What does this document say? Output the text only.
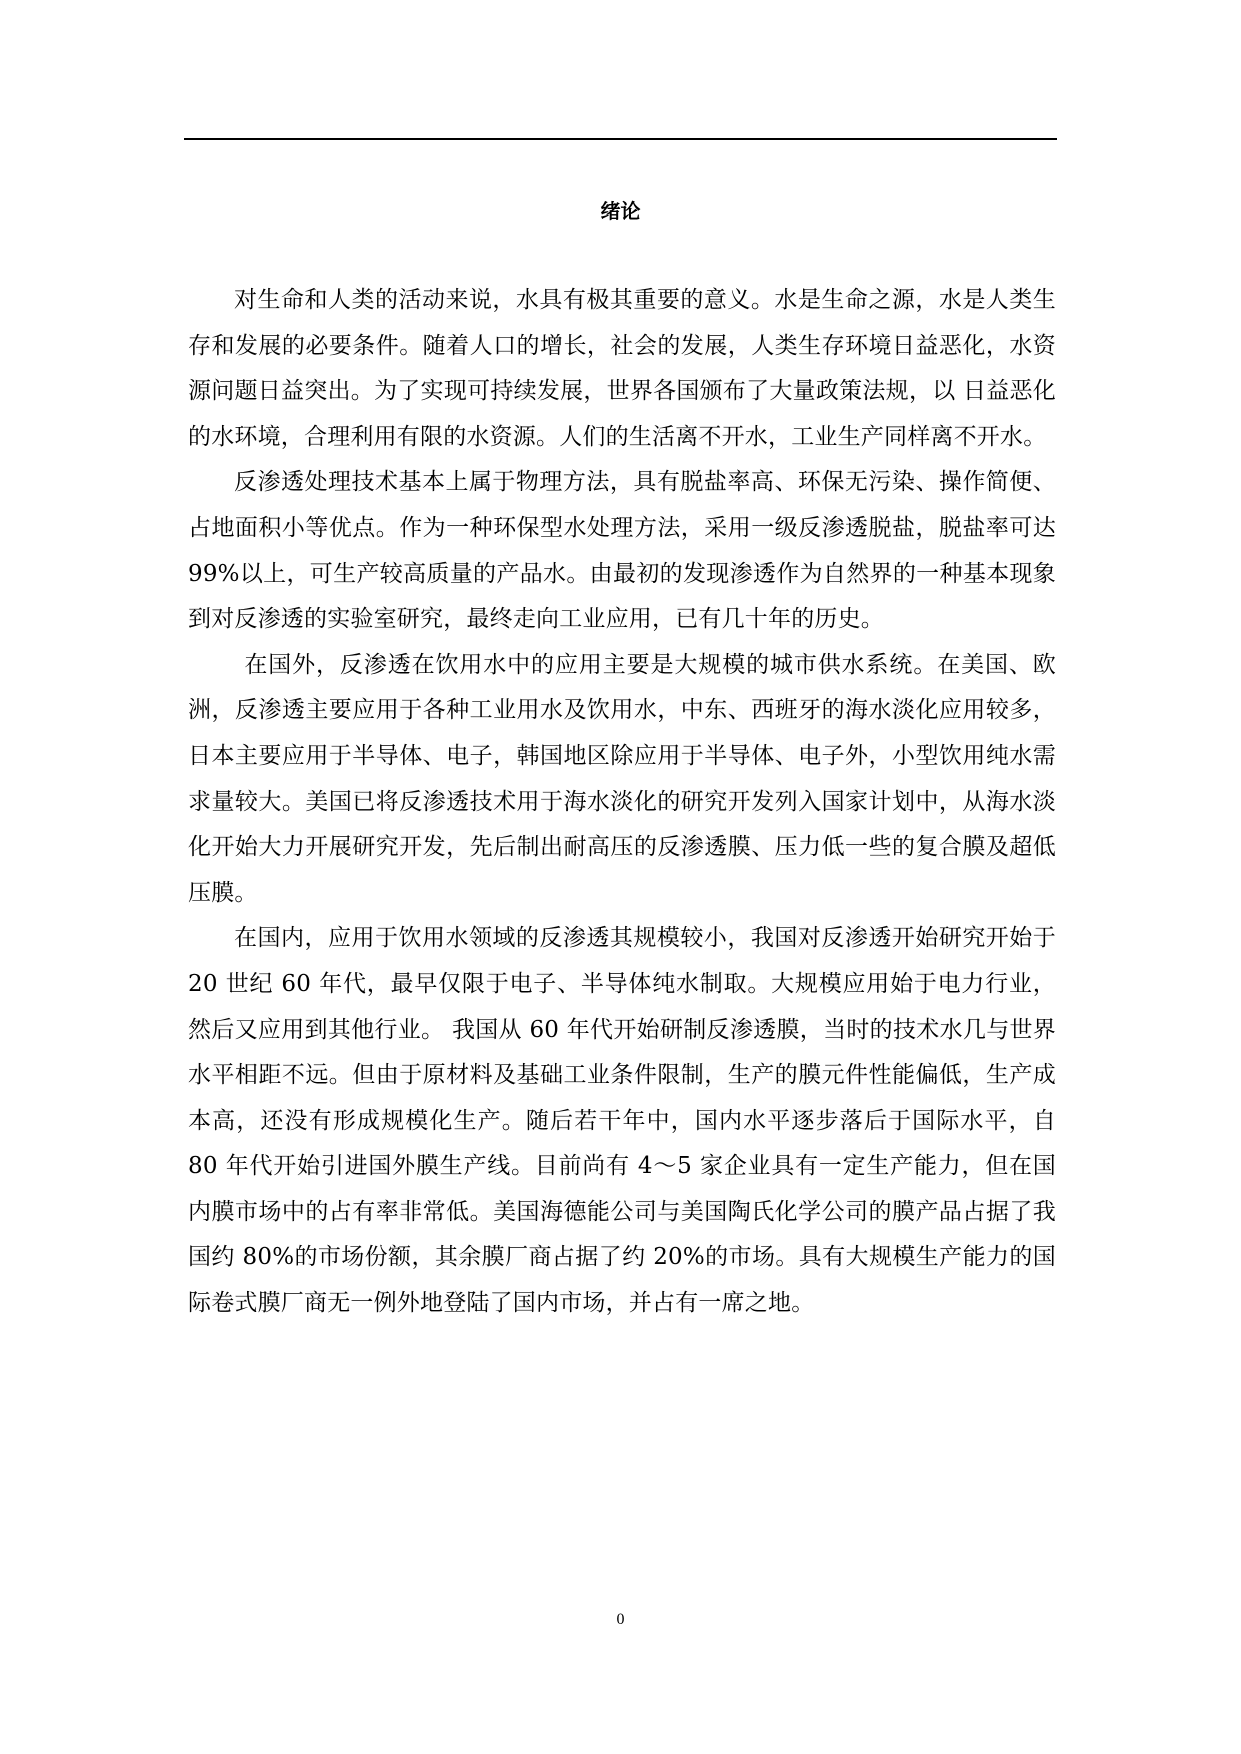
绪论

对生命和人类的活动来说，水具有极其重要的意义。水是生命之源，水是人类生存和发展的必要条件。随着人口的增长，社会的发展，人类生存环境日益恶化，水资源问题日益突出。为了实现可持续发展，世界各国颁布了大量政策法规，以 日益恶化的水环境，合理利用有限的水资源。人们的生活离不开水，工业生产同样离不开水。

反渗透处理技术基本上属于物理方法，具有脱盐率高、环保无污染、操作简便、占地面积小等优点。作为一种环保型水处理方法，采用一级反渗透脱盐，脱盐率可达 99%以上，可生产较高质量的产品水。由最初的发现渗透作为自然界的一种基本现象到对反渗透的实验室研究，最终走向工业应用，已有几十年的历史。

在国外，反渗透在饮用水中的应用主要是大规模的城市供水系统。在美国、欧洲，反渗透主要应用于各种工业用水及饮用水，中东、西班牙的海水淡化应用较多，日本主要应用于半导体、电子，韩国地区除应用于半导体、电子外，小型饮用纯水需求量较大。美国已将反渗透技术用于海水淡化的研究开发列入国家计划中，从海水淡化开始大力开展研究开发，先后制出耐高压的反渗透膜、压力低一些的复合膜及超低压膜。

在国内，应用于饮用水领域的反渗透其规模较小，我国对反渗透开始研究开始于 20 世纪 60 年代，最早仅限于电子、半导体纯水制取。大规模应用始于电力行业，然后又应用到其他行业。 我国从 60 年代开始研制反渗透膜，当时的技术水几与世界水平相距不远。但由于原材料及基础工业条件限制，生产的膜元件性能偏低，生产成本高，还没有形成规模化生产。随后若干年中，国内水平逐步落后于国际水平，自 80 年代开始引进国外膜生产线。目前尚有 4～5 家企业具有一定生产能力，但在国内膜市场中的占有率非常低。美国海德能公司与美国陶氏化学公司的膜产品占据了我国约 80%的市场份额，其余膜厂商占据了约 20%的市场。具有大规模生产能力的国际卷式膜厂商无一例外地登陆了国内市场，并占有一席之地。

0
